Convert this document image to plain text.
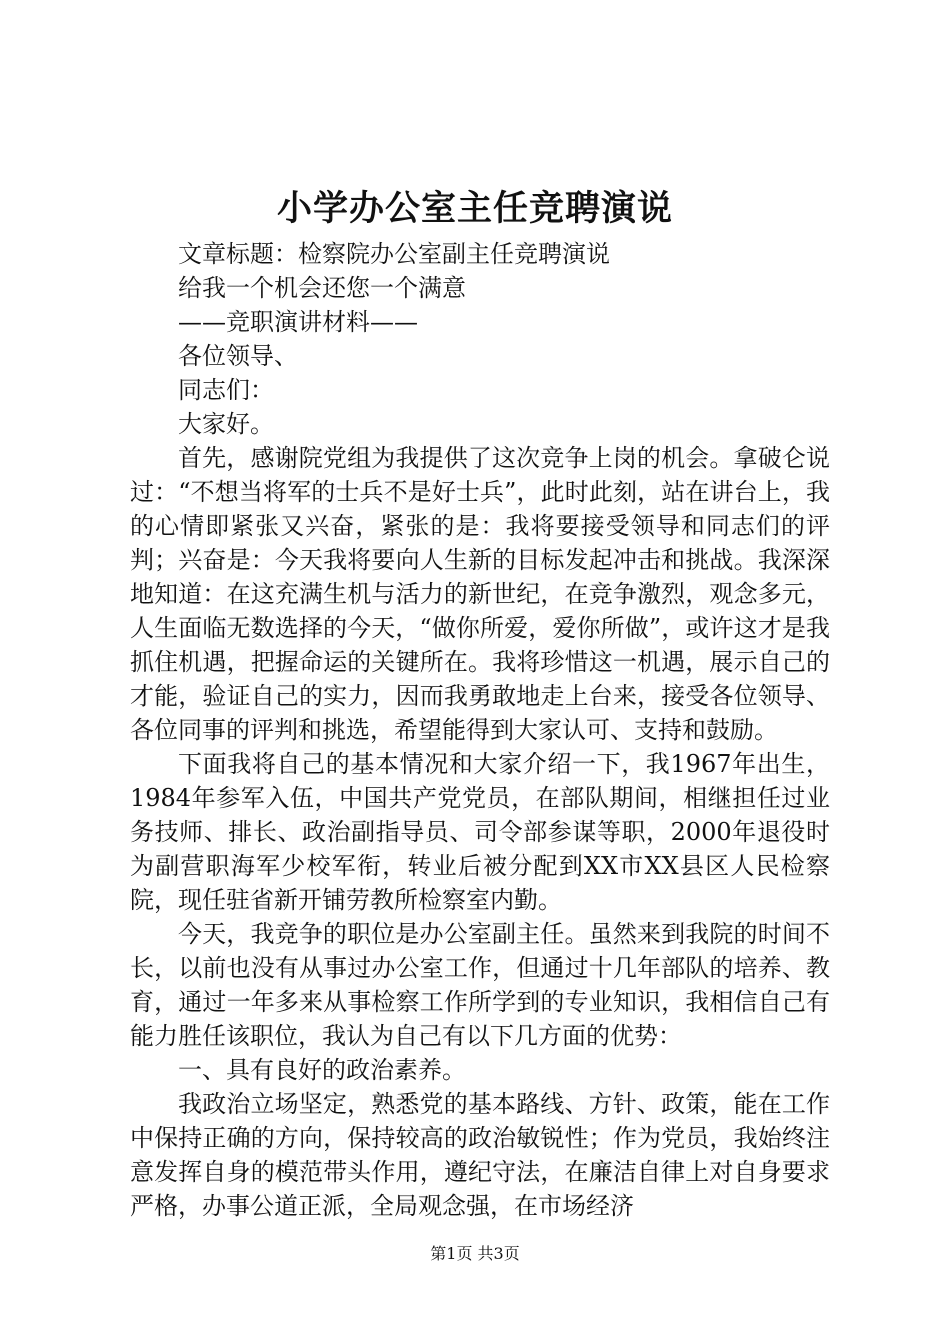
小学办公室主任竞聘演说

文章标题：检察院办公室副主任竞聘演说

给我一个机会还您一个满意

——竞职演讲材料——

各位领导、

同志们：

大家好。

首先，感谢院党组为我提供了这次竞争上岗的机会。拿破仑说过：“不想当将军的士兵不是好士兵”，此时此刻，站在讲台上，我的心情即紧张又兴奋，紧张的是：我将要接受领导和同志们的评判；兴奋是：今天我将要向人生新的目标发起冲击和挑战。我深深地知道：在这充满生机与活力的新世纪，在竞争激烈，观念多元，人生面临无数选择的今天，“做你所爱，爱你所做”，或许这才是我抓住机遇，把握命运的关键所在。我将珍惜这一机遇，展示自己的才能，验证自己的实力，因而我勇敢地走上台来，接受各位领导、各位同事的评判和挑选，希望能得到大家认可、支持和鼓励。

下面我将自己的基本情况和大家介绍一下，我1967年出生，1984年参军入伍，中国共产党党员，在部队期间，相继担任过业务技师、排长、政治副指导员、司令部参谋等职，2000年退役时为副营职海军少校军衔，转业后被分配到XX市XX县区人民检察院，现任驻省新开铺劳教所检察室内勤。

今天，我竞争的职位是办公室副主任。虽然来到我院的时间不长，以前也没有从事过办公室工作，但通过十几年部队的培养、教育，通过一年多来从事检察工作所学到的专业知识，我相信自己有能力胜任该职位，我认为自己有以下几方面的优势：

一、具有良好的政治素养。

我政治立场坚定，熟悉党的基本路线、方针、政策，能在工作中保持正确的方向，保持较高的政治敏锐性；作为党员，我始终注意发挥自身的模范带头作用，遵纪守法，在廉洁自律上对自身要求严格，办事公道正派，全局观念强，在市场经济

第1页 共3页
